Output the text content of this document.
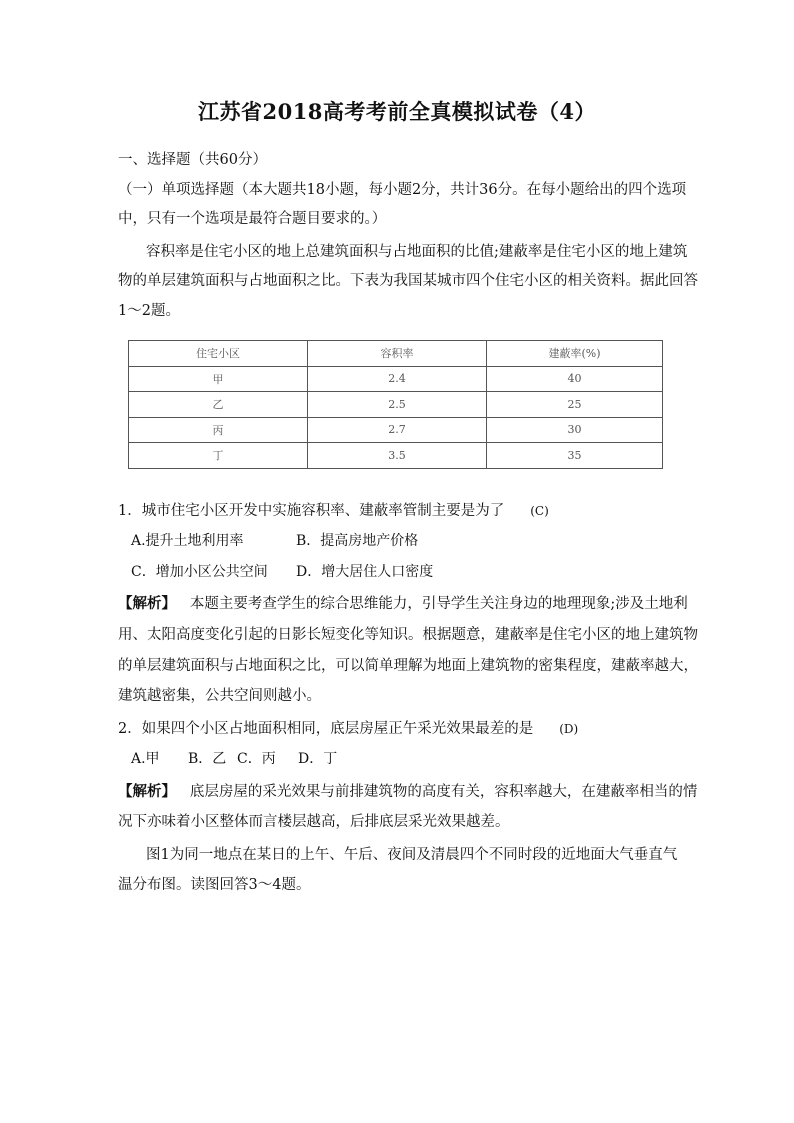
江苏省2018高考考前全真模拟试卷（4）
一、选择题（共60分）
（一）单项选择题（本大题共18小题，每小题2分，共计36分。在每小题给出的四个选项
中，只有一个选项是最符合题目要求的。）
容积率是住宅小区的地上总建筑面积与占地面积的比值;建蔽率是住宅小区的地上建筑
物的单层建筑面积与占地面积之比。下表为我国某城市四个住宅小区的相关资料。据此回答
1～2题。
住宅小区	容积率	建蔽率(%)
甲	2.4	40
乙	2.5	25
丙	2.7	30
丁	3.5	35
1．城市住宅小区开发中实施容积率、建蔽率管制主要是为了 (C)
A.提升土地利用率	B．提高房地产价格
C．增加小区公共空间 D．增大居住人口密度
【解析】 本题主要考查学生的综合思维能力，引导学生关注身边的地理现象;涉及土地利
用、太阳高度变化引起的日影长短变化等知识。根据题意，建蔽率是住宅小区的地上建筑物
的单层建筑面积与占地面积之比，可以简单理解为地面上建筑物的密集程度，建蔽率越大，
建筑越密集，公共空间则越小。
2．如果四个小区占地面积相同，底层房屋正午采光效果最差的是 (D)
A.甲 B．乙 C．丙 D．丁
【解析】 底层房屋的采光效果与前排建筑物的高度有关，容积率越大，在建蔽率相当的情
况下亦味着小区整体而言楼层越高，后排底层采光效果越差。
图1为同一地点在某日的上午、午后、夜间及清晨四个不同时段的近地面大气垂直气
温分布图。读图回答3～4题。
